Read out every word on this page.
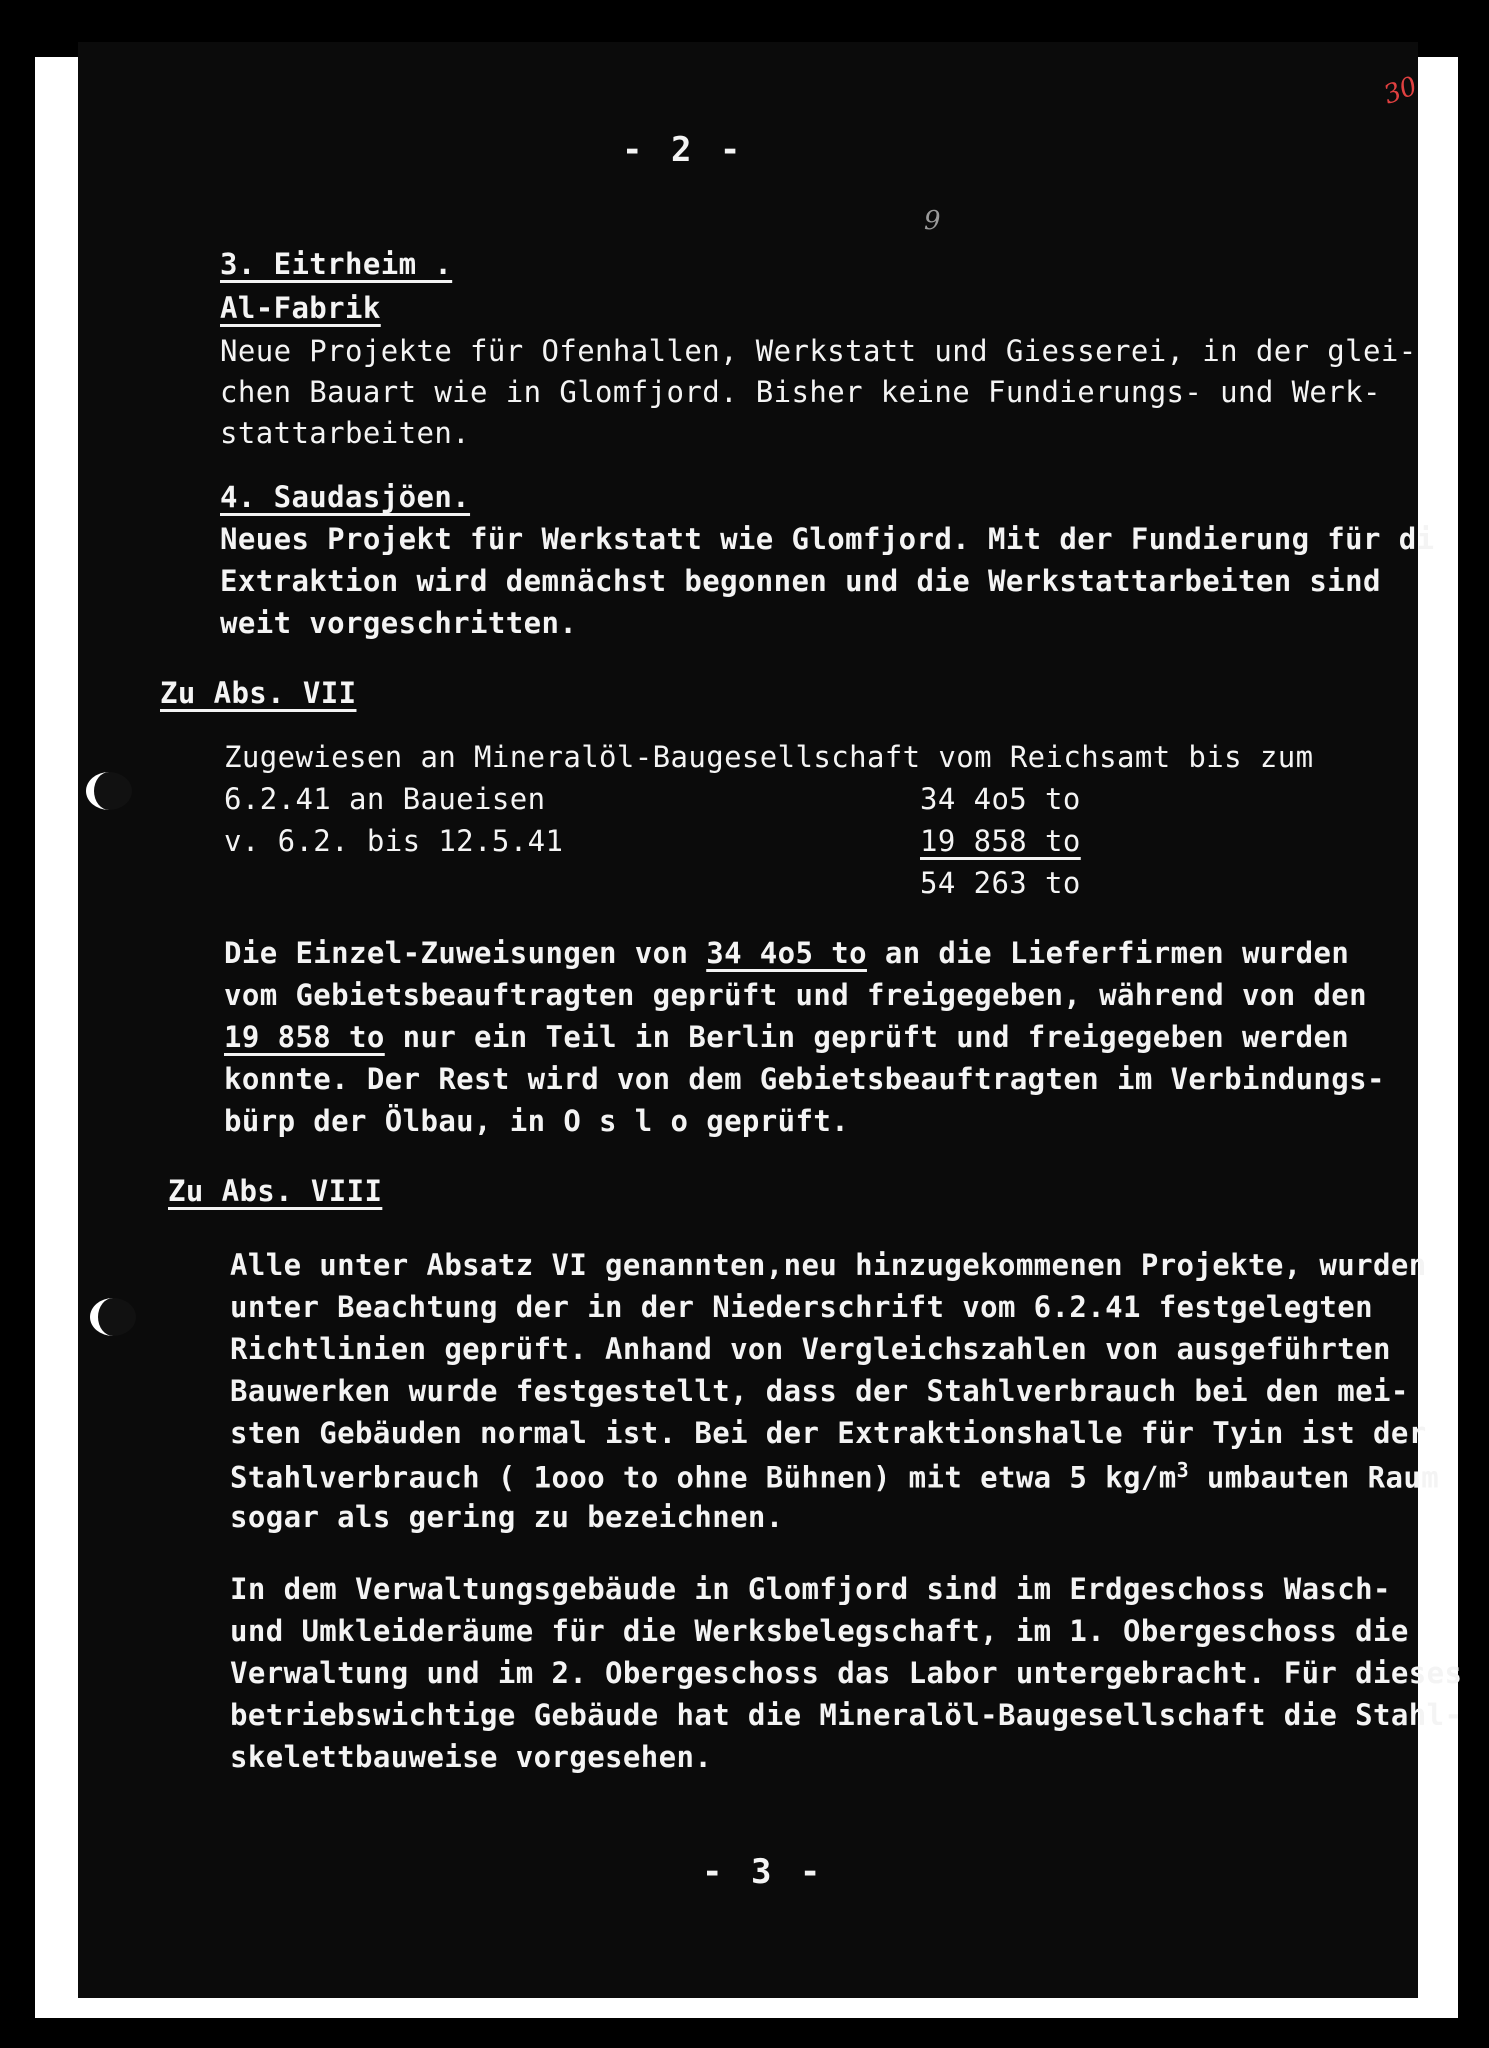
- 2 -
30
9
3. Eitrheim .
Al-Fabrik
Neue Projekte für Ofenhallen, Werkstatt und Giesserei, in der glei-
chen Bauart wie in Glomfjord. Bisher keine Fundierungs- und Werk-
stattarbeiten.
4. Saudasjöen.
Neues Projekt für Werkstatt wie Glomfjord. Mit der Fundierung für di
Extraktion wird demnächst begonnen und die Werkstattarbeiten sind
weit vorgeschritten.
Zu Abs. VII
Zugewiesen an Mineralöl-Baugesellschaft vom Reichsamt bis zum
6.2.41 an Baueisen	34 4o5 to
v. 6.2. bis 12.5.41	19 858 to
54 263 to
Die Einzel-Zuweisungen von 34 4o5 to an die Lieferfirmen wurden
vom Gebietsbeauftragten geprüft und freigegeben, während von den
19 858 to nur ein Teil in Berlin geprüft und freigegeben werden
konnte. Der Rest wird von dem Gebietsbeauftragten im Verbindungs-
bürp der Ölbau, in O s l o geprüft.
Zu Abs. VIII
Alle unter Absatz VI genannten,neu hinzugekommenen Projekte, wurden
unter Beachtung der in der Niederschrift vom 6.2.41 festgelegten
Richtlinien geprüft. Anhand von Vergleichszahlen von ausgeführten
Bauwerken wurde festgestellt, dass der Stahlverbrauch bei den mei-
sten Gebäuden normal ist. Bei der Extraktionshalle für Tyin ist der
Stahlverbrauch ( 1ooo to ohne Bühnen) mit etwa 5 $kg/m^3$ umbauten Raum
sogar als gering zu bezeichnen.
In dem Verwaltungsgebäude in Glomfjord sind im Erdgeschoss Wasch-
und Umkleideräume für die Werksbelegschaft, im 1. Obergeschoss die
Verwaltung und im 2. Obergeschoss das Labor untergebracht. Für dieses
betriebswichtige Gebäude hat die Mineralöl-Baugesellschaft die Stahl-
skelettbauweise vorgesehen.
- 3 -
